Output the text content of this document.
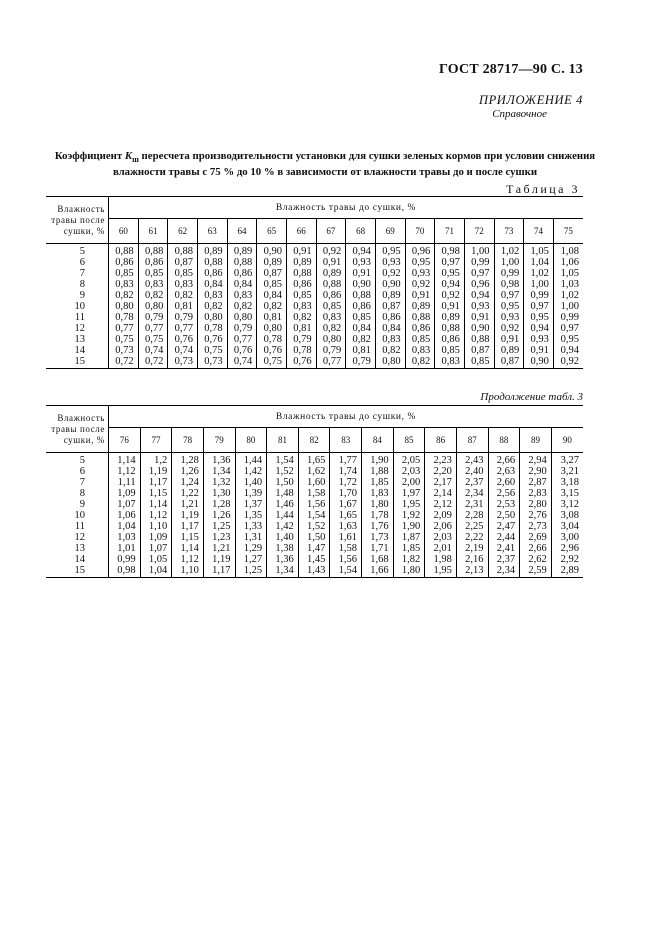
ГОСТ 28717—90 С. 13
ПРИЛОЖЕНИЕ 4
Справочное
Коэффициент $K_ш$ пересчета производительности установки для сушки зеленых кормов при условии снижения
влажности травы с 75 % до 10 % в зависимости от влажности травы до и после сушки
Таблица 3
Влажность травы после сушки, %	Влажность травы до сушки, %															
	60	61	62	63	64	65	66	67	68	69	70	71	72	73	74	75
5	0,88	0,88	0,88	0,89	0,89	0,90	0,91	0,92	0,94	0,95	0,96	0,98	1,00	1,02	1,05	1,08
6	0,86	0,86	0,87	0,88	0,88	0,89	0,89	0,91	0,93	0,93	0,95	0,97	0,99	1,00	1,04	1,06
7	0,85	0,85	0,85	0,86	0,86	0,87	0,88	0,89	0,91	0,92	0,93	0,95	0,97	0,99	1,02	1,05
8	0,83	0,83	0,83	0,84	0,84	0,85	0,86	0,88	0,90	0,90	0,92	0,94	0,96	0,98	1,00	1,03
9	0,82	0,82	0,82	0,83	0,83	0,84	0,85	0,86	0,88	0,89	0,91	0,92	0,94	0,97	0,99	1,02
10	0,80	0,80	0,81	0,82	0,82	0,82	0,83	0,85	0,86	0,87	0,89	0,91	0,93	0,95	0,97	1,00
11	0,78	0,79	0,79	0,80	0,80	0,81	0,82	0,83	0,85	0,86	0,88	0,89	0,91	0,93	0,95	0,99
12	0,77	0,77	0,77	0,78	0,79	0,80	0,81	0,82	0,84	0,84	0,86	0,88	0,90	0,92	0,94	0,97
13	0,75	0,75	0,76	0,76	0,77	0,78	0,79	0,80	0,82	0,83	0,85	0,86	0,88	0,91	0,93	0,95
14	0,73	0,74	0,74	0,75	0,76	0,76	0,78	0,79	0,81	0,82	0,83	0,85	0,87	0,89	0,91	0,94
15	0,72	0,72	0,73	0,73	0,74	0,75	0,76	0,77	0,79	0,80	0,82	0,83	0,85	0,87	0,90	0,92
Продолжение табл. 3
Влажность травы после сушки, %	Влажность травы до сушки, %														
	76	77	78	79	80	81	82	83	84	85	86	87	88	89	90
5	1,14	1,2	1,28	1,36	1,44	1,54	1,65	1,77	1,90	2,05	2,23	2,43	2,66	2,94	3,27
6	1,12	1,19	1,26	1,34	1,42	1,52	1,62	1,74	1,88	2,03	2,20	2,40	2,63	2,90	3,21
7	1,11	1,17	1,24	1,32	1,40	1,50	1,60	1,72	1,85	2,00	2,17	2,37	2,60	2,87	3,18
8	1,09	1,15	1,22	1,30	1,39	1,48	1,58	1,70	1,83	1,97	2,14	2,34	2,56	2,83	3,15
9	1,07	1,14	1,21	1,28	1,37	1,46	1,56	1,67	1,80	1,95	2,12	2,31	2,53	2,80	3,12
10	1,06	1,12	1,19	1,26	1,35	1,44	1,54	1,65	1,78	1,92	2,09	2,28	2,50	2,76	3,08
11	1,04	1,10	1,17	1,25	1,33	1,42	1,52	1,63	1,76	1,90	2,06	2,25	2,47	2,73	3,04
12	1,03	1,09	1,15	1,23	1,31	1,40	1,50	1,61	1,73	1,87	2,03	2,22	2,44	2,69	3,00
13	1,01	1,07	1,14	1,21	1,29	1,38	1,47	1,58	1,71	1,85	2,01	2,19	2,41	2,66	2,96
14	0,99	1,05	1,12	1,19	1,27	1,36	1,45	1,56	1,68	1,82	1,98	2,16	2,37	2,62	2,92
15	0,98	1,04	1,10	1,17	1,25	1,34	1,43	1,54	1,66	1,80	1,95	2,13	2,34	2,59	2,89
